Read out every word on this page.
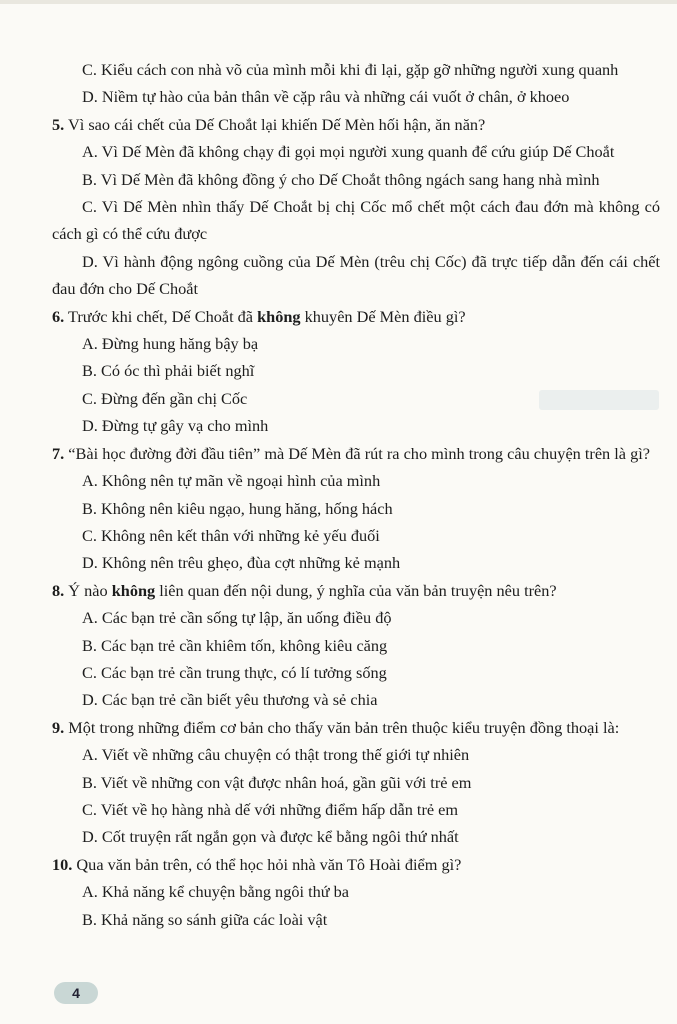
C. Kiểu cách con nhà võ của mình mỗi khi đi lại, gặp gỡ những người xung quanh
D. Niềm tự hào của bản thân về cặp râu và những cái vuốt ở chân, ở khoeo
5. Vì sao cái chết của Dế Choắt lại khiến Dế Mèn hối hận, ăn năn?
A. Vì Dế Mèn đã không chạy đi gọi mọi người xung quanh để cứu giúp Dế Choắt
B. Vì Dế Mèn đã không đồng ý cho Dế Choắt thông ngách sang hang nhà mình
C. Vì Dế Mèn nhìn thấy Dế Choắt bị chị Cốc mổ chết một cách đau đớn mà không có cách gì có thể cứu được
D. Vì hành động ngông cuồng của Dế Mèn (trêu chị Cốc) đã trực tiếp dẫn đến cái chết đau đớn cho Dế Choắt
6. Trước khi chết, Dế Choắt đã không khuyên Dế Mèn điều gì?
A. Đừng hung hăng bậy bạ
B. Có óc thì phải biết nghĩ
C. Đừng đến gần chị Cốc
D. Đừng tự gây vạ cho mình
7. “Bài học đường đời đầu tiên” mà Dế Mèn đã rút ra cho mình trong câu chuyện trên là gì?
A. Không nên tự mãn về ngoại hình của mình
B. Không nên kiêu ngạo, hung hăng, hống hách
C. Không nên kết thân với những kẻ yếu đuối
D. Không nên trêu ghẹo, đùa cợt những kẻ mạnh
8. Ý nào không liên quan đến nội dung, ý nghĩa của văn bản truyện nêu trên?
A. Các bạn trẻ cần sống tự lập, ăn uống điều độ
B. Các bạn trẻ cần khiêm tốn, không kiêu căng
C. Các bạn trẻ cần trung thực, có lí tưởng sống
D. Các bạn trẻ cần biết yêu thương và sẻ chia
9. Một trong những điểm cơ bản cho thấy văn bản trên thuộc kiểu truyện đồng thoại là:
A. Viết về những câu chuyện có thật trong thế giới tự nhiên
B. Viết về những con vật được nhân hoá, gần gũi với trẻ em
C. Viết về họ hàng nhà dế với những điểm hấp dẫn trẻ em
D. Cốt truyện rất ngắn gọn và được kể bằng ngôi thứ nhất
10. Qua văn bản trên, có thể học hỏi nhà văn Tô Hoài điểm gì?
A. Khả năng kể chuyện bằng ngôi thứ ba
B. Khả năng so sánh giữa các loài vật
4
